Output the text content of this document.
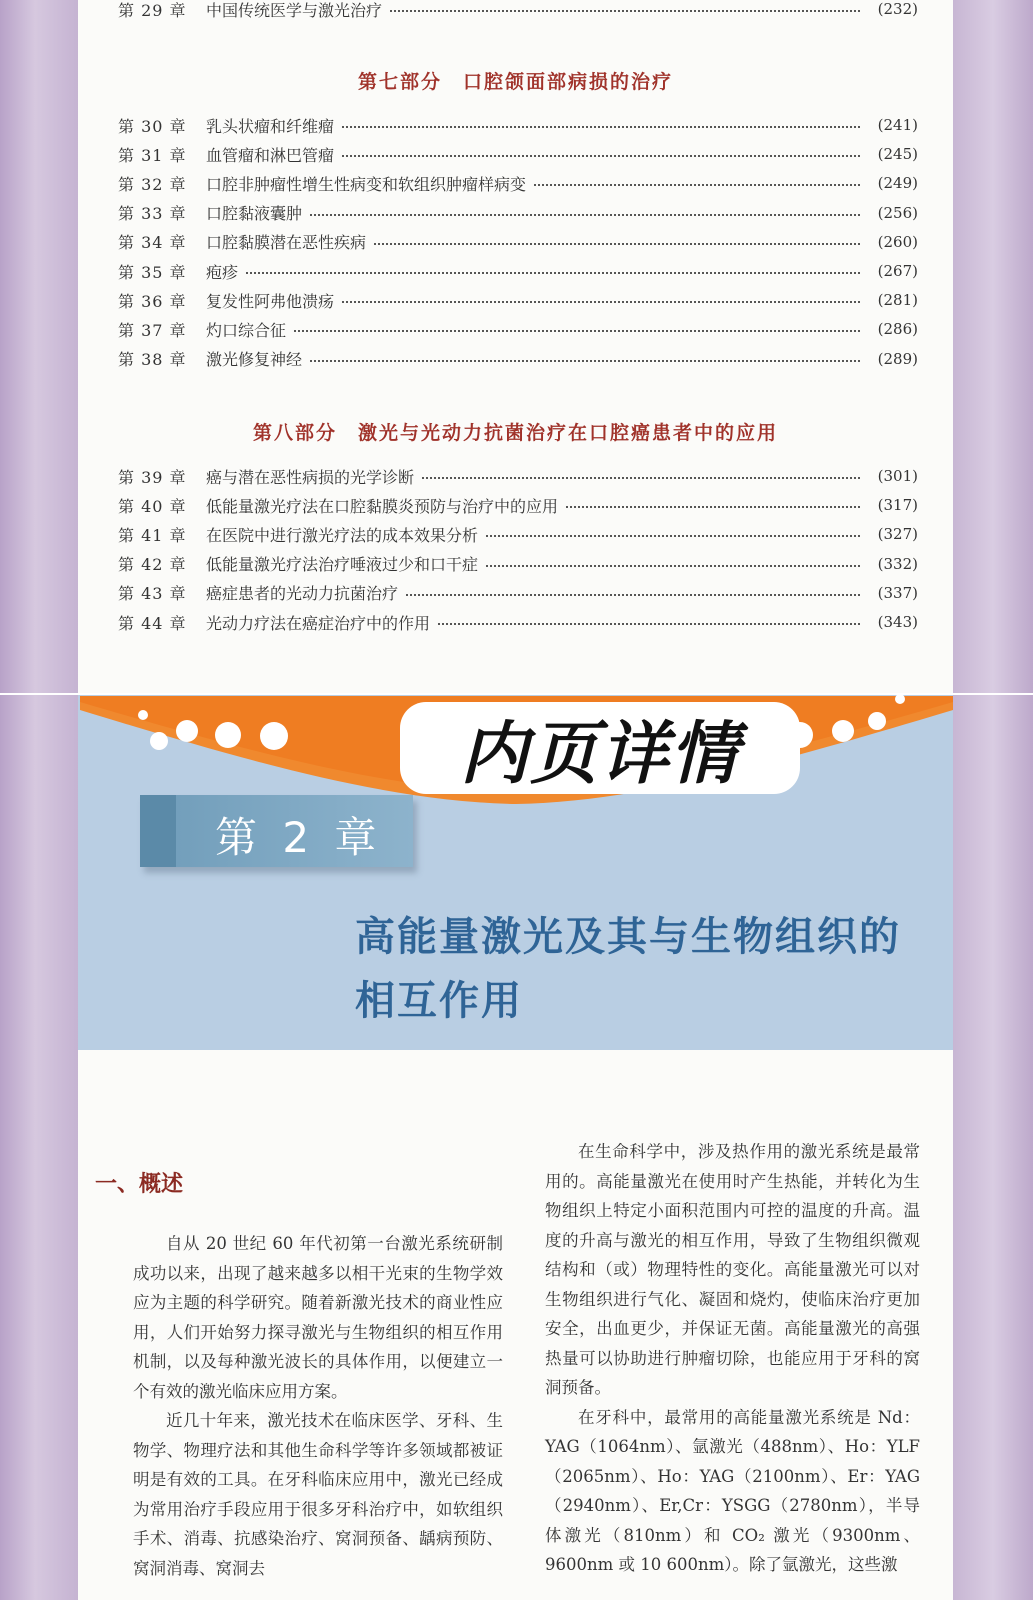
第 29 章	中国传统医学与激光治疗	(232)
第七部分　口腔颌面部病损的治疗
第 30 章	乳头状瘤和纤维瘤	(241)
第 31 章	血管瘤和淋巴管瘤	(245)
第 32 章	口腔非肿瘤性增生性病变和软组织肿瘤样病变	(249)
第 33 章	口腔黏液囊肿	(256)
第 34 章	口腔黏膜潜在恶性疾病	(260)
第 35 章	疱疹	(267)
第 36 章	复发性阿弗他溃疡	(281)
第 37 章	灼口综合征	(286)
第 38 章	激光修复神经	(289)
第八部分　激光与光动力抗菌治疗在口腔癌患者中的应用
第 39 章	癌与潜在恶性病损的光学诊断	(301)
第 40 章	低能量激光疗法在口腔黏膜炎预防与治疗中的应用	(317)
第 41 章	在医院中进行激光疗法的成本效果分析	(327)
第 42 章	低能量激光疗法治疗唾液过少和口干症	(332)
第 43 章	癌症患者的光动力抗菌治疗	(337)
第 44 章	光动力疗法在癌症治疗中的作用	(343)
内页详情
第 2 章
高能量激光及其与生物组织的
相互作用
一、概述

自从 20 世纪 60 年代初第一台激光系统研制成功以来，出现了越来越多以相干光束的生物学效应为主题的科学研究。随着新激光技术的商业性应用，人们开始努力探寻激光与生物组织的相互作用机制，以及每种激光波长的具体作用，以便建立一个有效的激光临床应用方案。

近几十年来，激光技术在临床医学、牙科、生物学、物理疗法和其他生命科学等许多领域都被证明是有效的工具。在牙科临床应用中，激光已经成为常用治疗手段应用于很多牙科治疗中，如软组织手术、消毒、抗感染治疗、窝洞预备、龋病预防、窝洞消毒、窝洞去

在生命科学中，涉及热作用的激光系统是最常用的。高能量激光在使用时产生热能，并转化为生物组织上特定小面积范围内可控的温度的升高。温度的升高与激光的相互作用，导致了生物组织微观结构和（或）物理特性的变化。高能量激光可以对生物组织进行气化、凝固和烧灼，使临床治疗更加安全，出血更少，并保证无菌。高能量激光的高强热量可以协助进行肿瘤切除，也能应用于牙科的窝洞预备。

在牙科中，最常用的高能量激光系统是 Nd：YAG（1064nm）、氩激光（488nm）、Ho：YLF（2065nm）、Ho：YAG（2100nm）、Er：YAG（2940nm）、Er,Cr：YSGG（2780nm），半导体激光（810nm）和 CO₂ 激光（9300nm、9600nm 或 10 600nm）。除了氩激光，这些激
